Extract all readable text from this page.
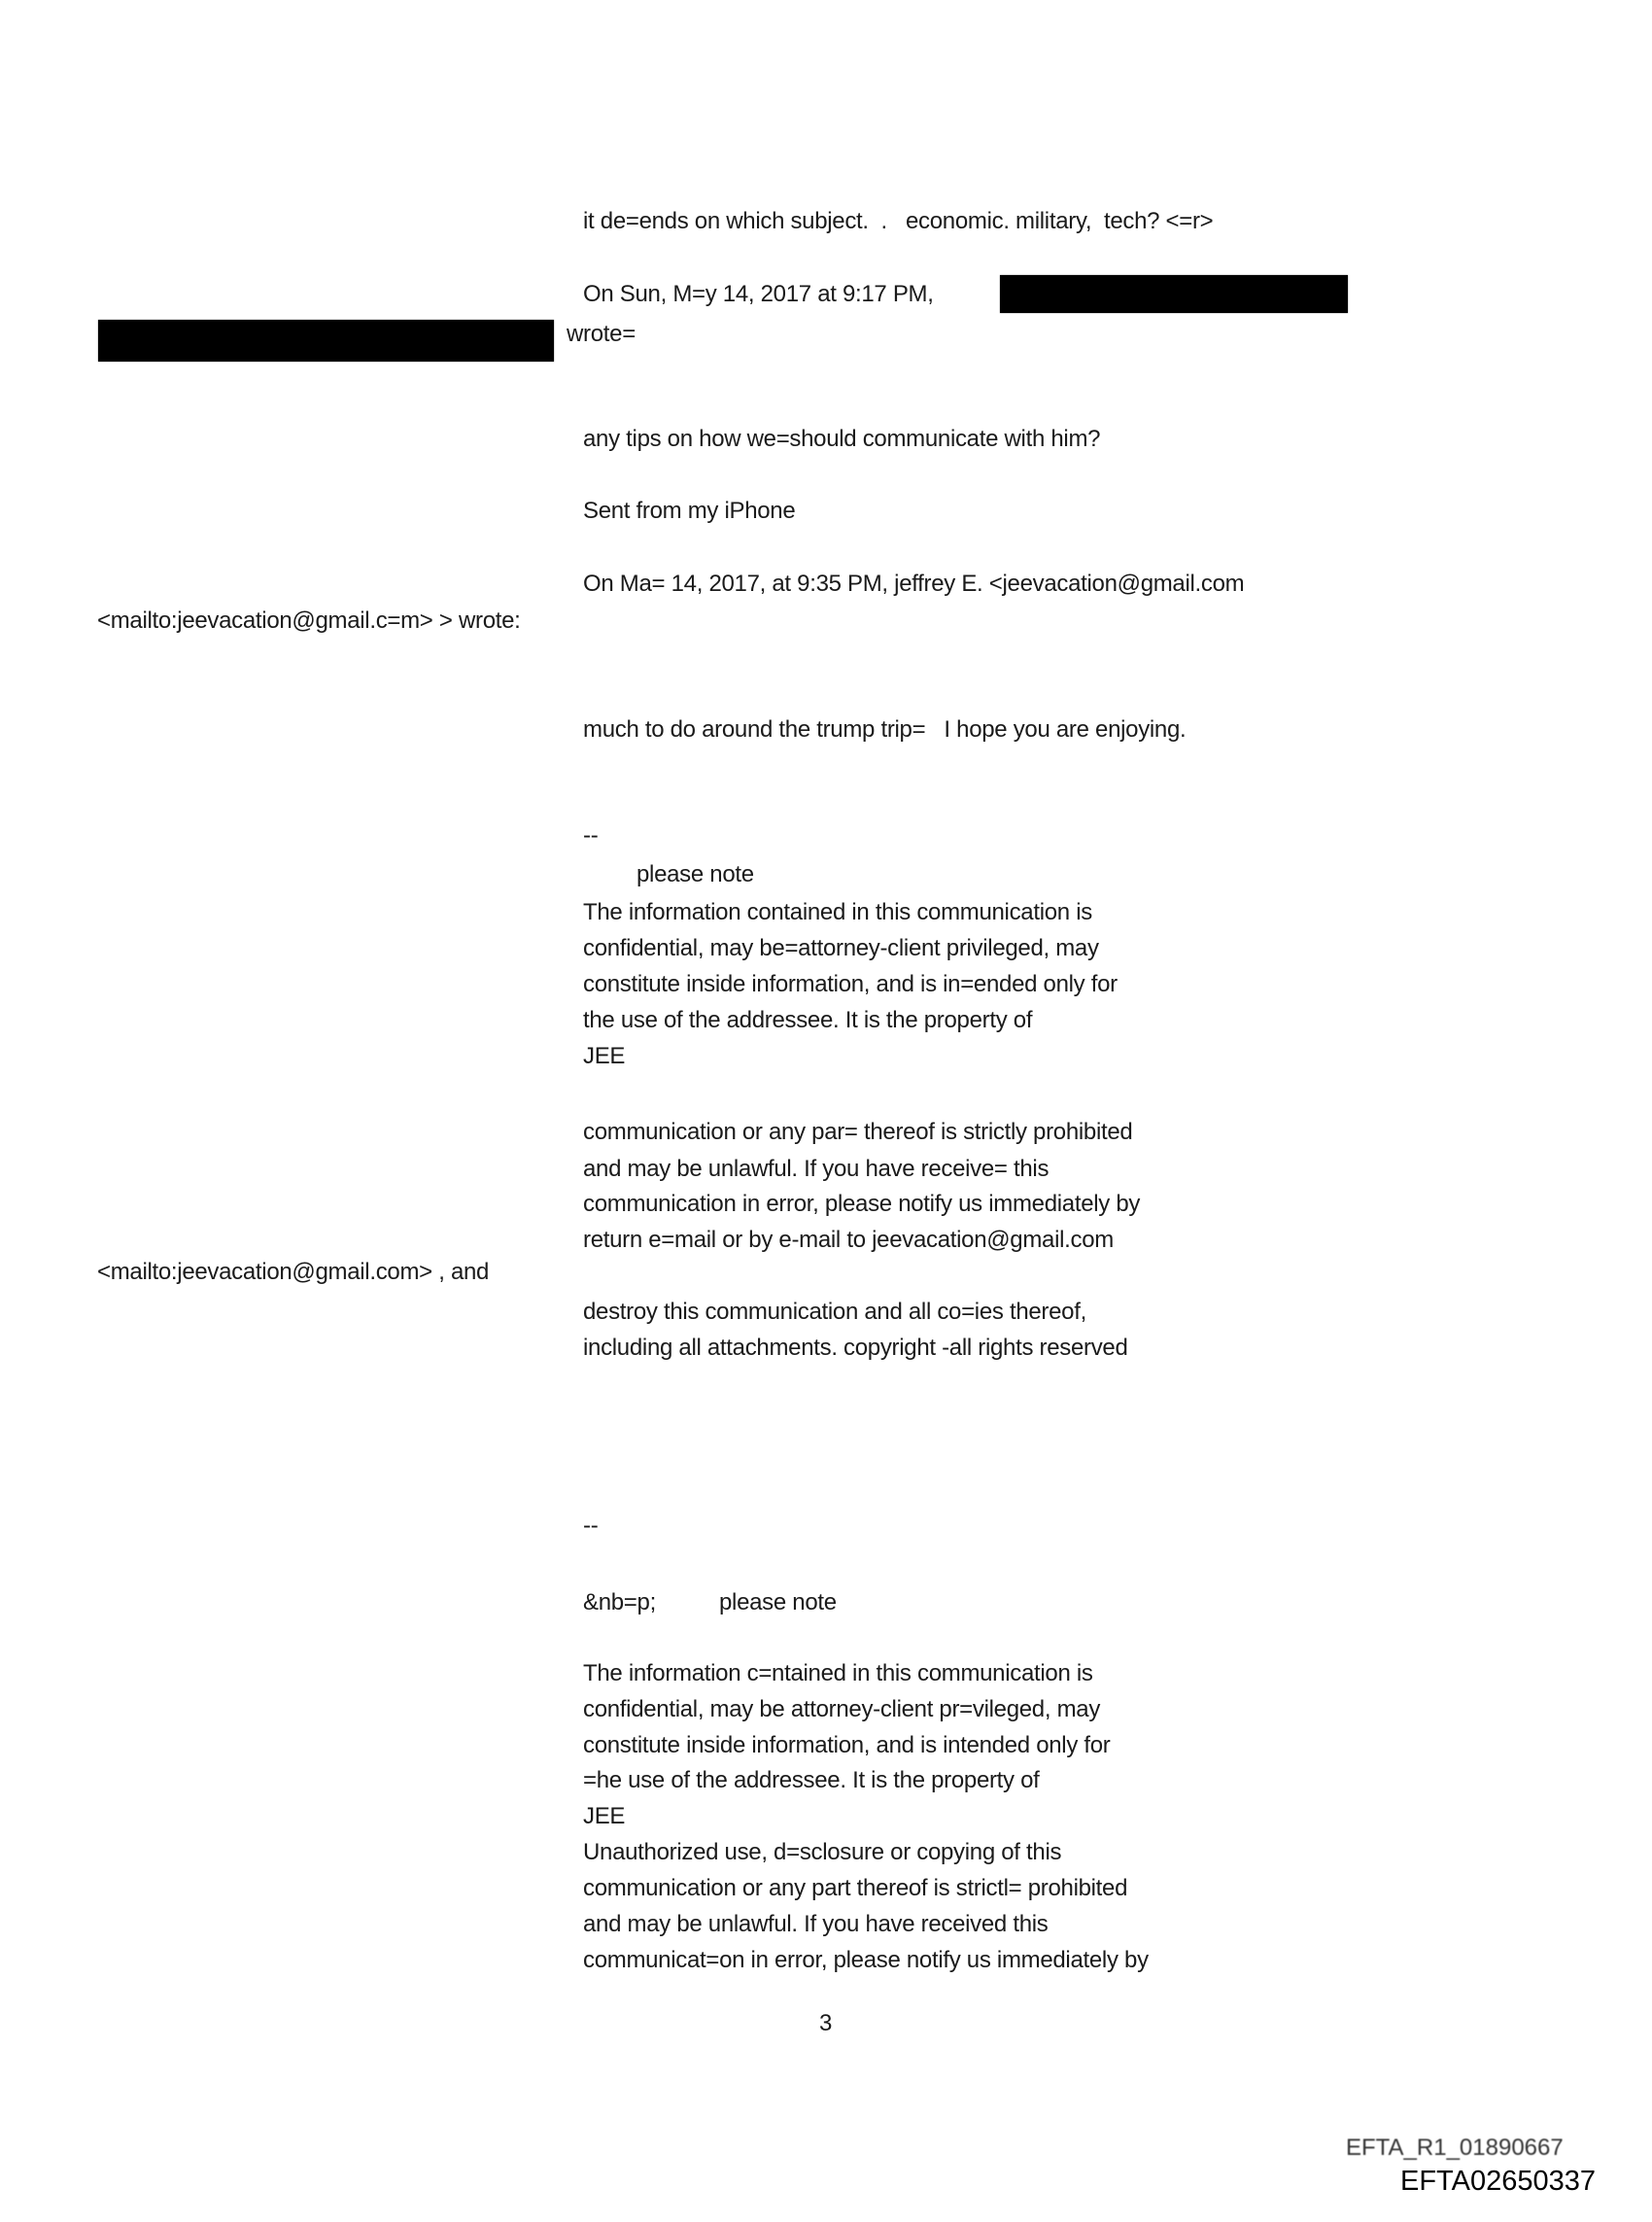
it de=ends on which subject.  .   economic. military,  tech? <=r>
On Sun, M=y 14, 2017 at 9:17 PM,
wrote=
any tips on how we=should communicate with him?
Sent from my iPhone
On Ma= 14, 2017, at 9:35 PM, jeffrey E. <jeevacation@gmail.com
<mailto:jeevacation@gmail.c=m> > wrote:
much to do around the trump trip=   I hope you are enjoying.
--
please note
The information contained in this communication is
confidential, may be=attorney-client privileged, may
constitute inside information, and is in=ended only for
the use of the addressee. It is the property of
JEE
communication or any par= thereof is strictly prohibited
and may be unlawful. If you have receive= this
communication in error, please notify us immediately by
return e=mail or by e-mail to jeevacation@gmail.com
<mailto:jeevacation@gmail.com> , and
destroy this communication and all co=ies thereof,
including all attachments. copyright -all rights reserved
--
&nb=p;	please note
The information c=ntained in this communication is
confidential, may be attorney-client pr=vileged, may
constitute inside information, and is intended only for
=he use of the addressee. It is the property of
JEE
Unauthorized use, d=sclosure or copying of this
communication or any part thereof is strictl= prohibited
and may be unlawful. If you have received this
communicat=on in error, please notify us immediately by
3
EFTA_R1_01890667
EFTA02650337
